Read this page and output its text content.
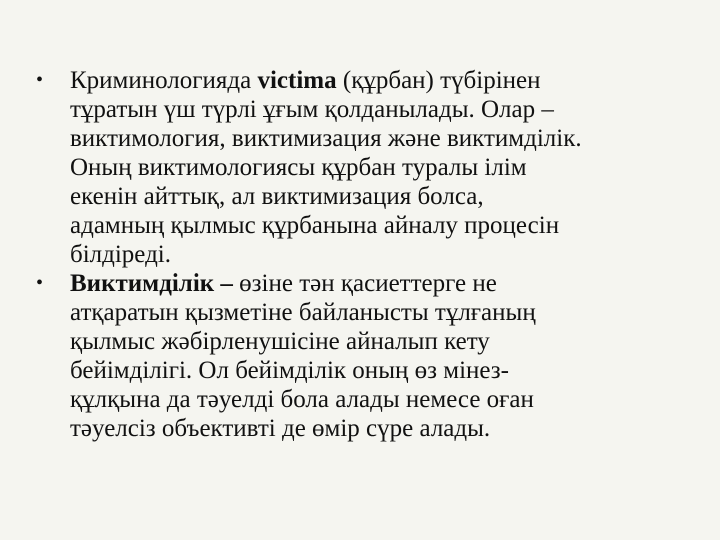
•	Криминологияда victima (құрбан) түбірінен
тұратын үш түрлі ұғым қолданылады. Олар –
виктимология, виктимизация және виктимділік.
Оның виктимологиясы құрбан туралы ілім
екенін айттық, ал виктимизация болса,
адамның қылмыс құрбанына айналу процесін
білдіреді.
•	Виктимділік – өзіне тән қасиеттерге не
атқаратын қызметіне байланысты тұлғаның
қылмыс жәбірленушісіне айналып кету
бейімділігі. Ол бейімділік оның өз мінез-
құлқына да тәуелді бола алады немесе оған
тәуелсіз объективті де өмір сүре алады.
